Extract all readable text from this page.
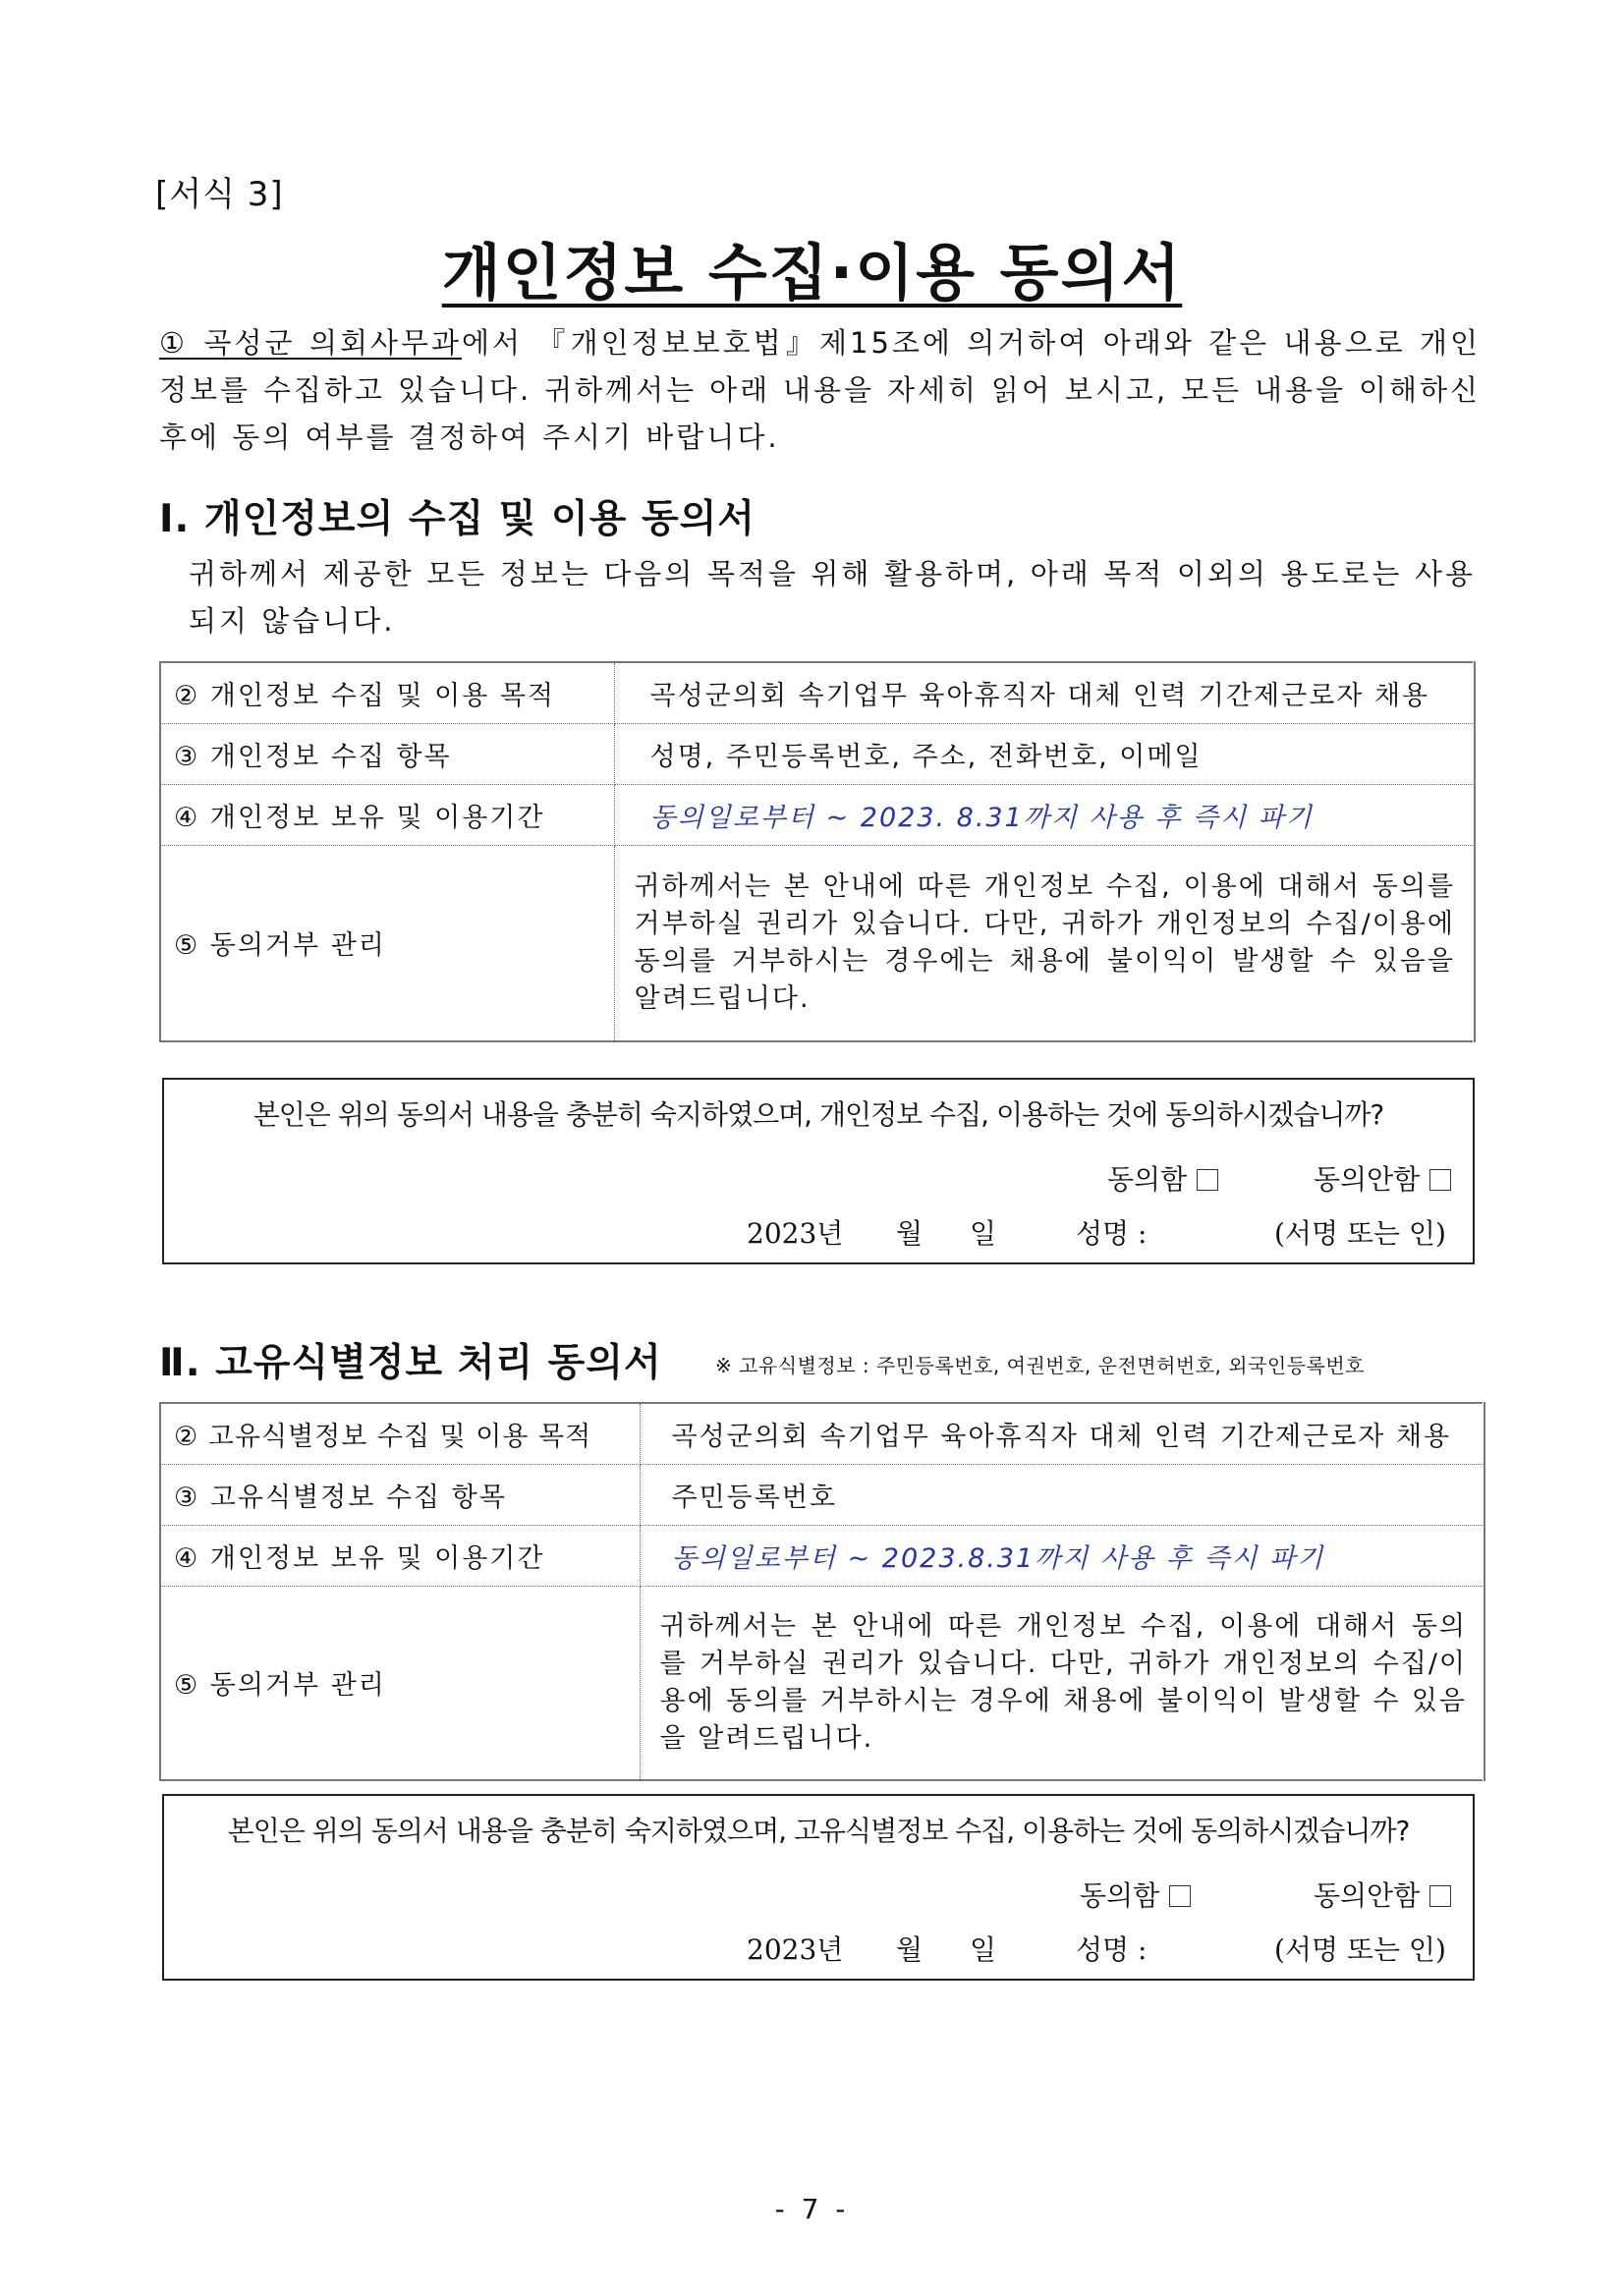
[서식 3]
개인정보 수집·이용 동의서
① 곡성군 의회사무과에서 『개인정보보호법』제15조에 의거하여 아래와 같은 내용으로 개인정보를 수집하고 있습니다. 귀하께서는 아래 내용을 자세히 읽어 보시고, 모든 내용을 이해하신 후에 동의 여부를 결정하여 주시기 바랍니다.
Ⅰ. 개인정보의 수집 및 이용 동의서
귀하께서 제공한 모든 정보는 다음의 목적을 위해 활용하며, 아래 목적 이외의 용도로는 사용되지 않습니다.
② 개인정보 수집 및 이용 목적	곡성군의회 속기업무 육아휴직자 대체 인력 기간제근로자 채용
③ 개인정보 수집 항목	성명, 주민등록번호, 주소, 전화번호, 이메일
④ 개인정보 보유 및 이용기간	동의일로부터 ~ 2023. 8.31까지 사용 후 즉시 파기
⑤ 동의거부 관리	귀하께서는 본 안내에 따른 개인정보 수집, 이용에 대해서 동의를 거부하실 권리가 있습니다. 다만, 귀하가 개인정보의 수집/이용에 동의를 거부하시는 경우에는 채용에 불이익이 발생할 수 있음을 알려드립니다.
본인은 위의 동의서 내용을 충분히 숙지하였으며, 개인정보 수집, 이용하는 것에 동의하시겠습니까?
동의함	동의안함
2023년 월 일	성명 :	(서명 또는 인)
Ⅱ. 고유식별정보 처리 동의서	※ 고유식별정보 : 주민등록번호, 여권번호, 운전면허번호, 외국인등록번호
② 고유식별정보 수집 및 이용 목적	곡성군의회 속기업무 육아휴직자 대체 인력 기간제근로자 채용
③ 고유식별정보 수집 항목	주민등록번호
④ 개인정보 보유 및 이용기간	동의일로부터 ~ 2023.8.31까지 사용 후 즉시 파기
⑤ 동의거부 관리	귀하께서는 본 안내에 따른 개인정보 수집, 이용에 대해서 동의를 거부하실 권리가 있습니다. 다만, 귀하가 개인정보의 수집/이용에 동의를 거부하시는 경우에 채용에 불이익이 발생할 수 있음을 알려드립니다.
본인은 위의 동의서 내용을 충분히 숙지하였으며, 고유식별정보 수집, 이용하는 것에 동의하시겠습니까?
동의함	동의안함
2023년 월 일	성명 :	(서명 또는 인)
- 7 -
